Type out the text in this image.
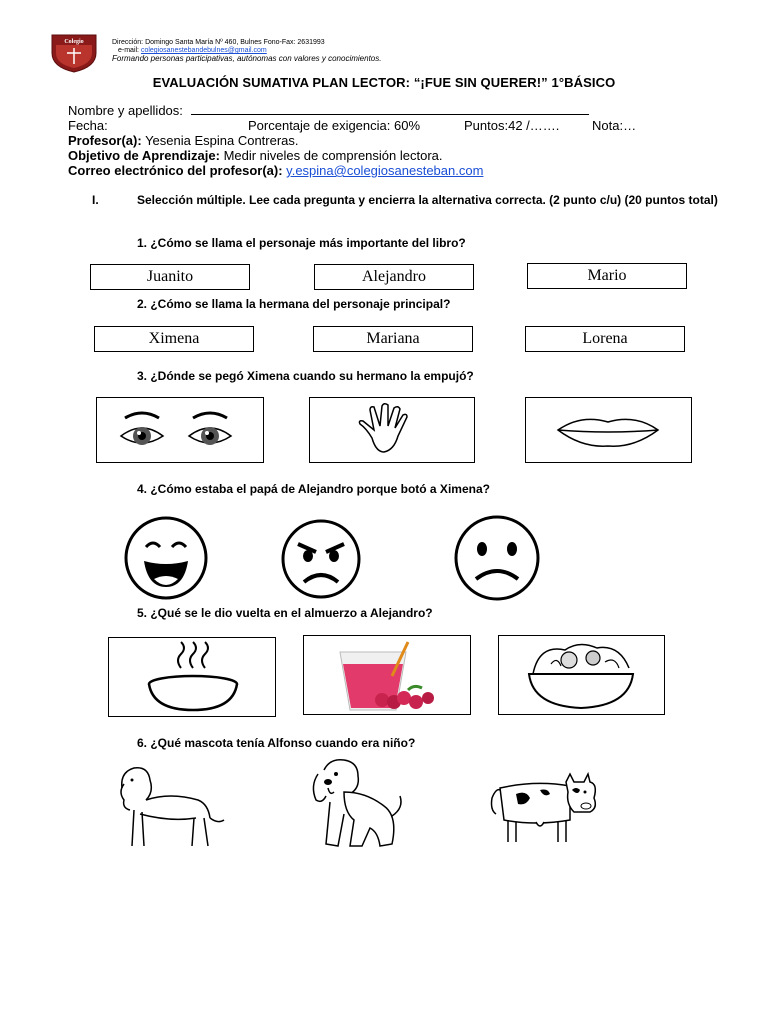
Colegio	Dirección: Domingo Santa María Nº 460, Bulnes Fono-Fax: 2631993
e-mail: colegiosanestebandebulnes@gmail.com
Formando personas participativas, autónomas con valores y conocimientos.
EVALUACIÓN SUMATIVA PLAN LECTOR: “¡FUE SIN QUERER!” 1°BÁSICO
Nombre y apellidos:
Fecha:	Porcentaje de exigencia: 60%	Puntos:42 /…….	Nota:…
Profesor(a): Yesenia Espina Contreras.
Objetivo de Aprendizaje: Medir niveles de comprensión lectora.
Correo electrónico del profesor(a): y.espina@colegiosanesteban.com
I.	Selección múltiple. Lee cada pregunta y encierra la alternativa correcta. (2 punto c/u) (20 puntos total)
1. ¿Cómo se llama el personaje más importante del libro?
Juanito	Alejandro	Mario
2. ¿Cómo se llama la hermana del personaje principal?
Ximena	Mariana	Lorena
3. ¿Dónde se pegó Ximena cuando su hermano la empujó?
4. ¿Cómo estaba el papá de Alejandro porque botó a Ximena?
5. ¿Qué se le dio vuelta en el almuerzo a Alejandro?
6. ¿Qué mascota tenía Alfonso cuando era niño?
